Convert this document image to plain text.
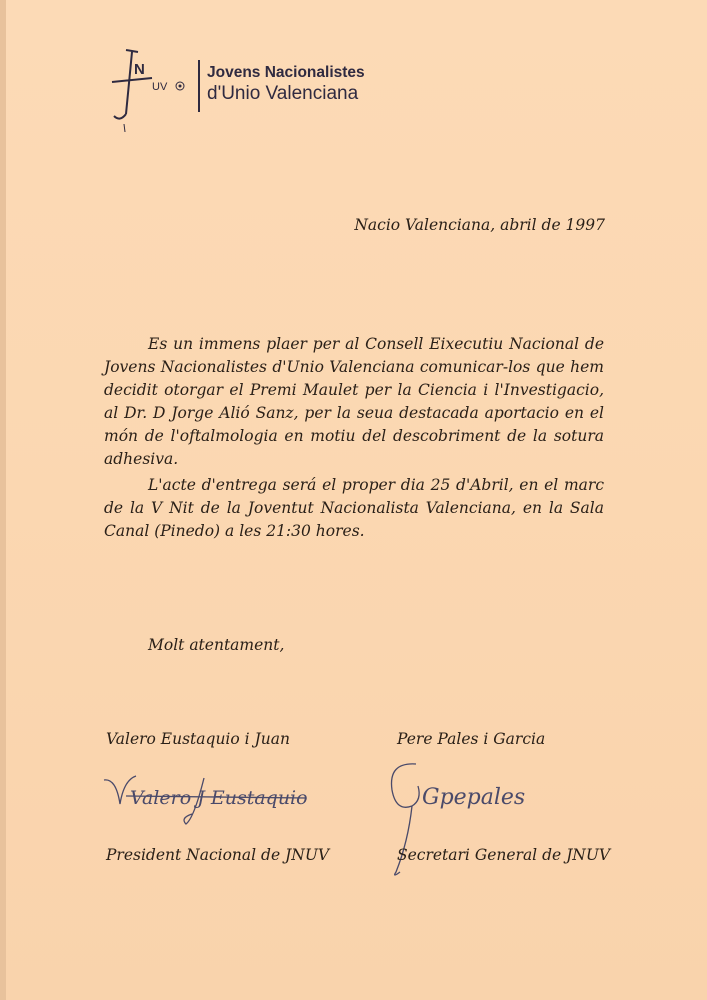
N
UV
Jovens Nacionalistes
d'Unio Valenciana
Nacio Valenciana, abril de 1997

Es un immens plaer per al Consell Eixecutiu Nacional de Jovens Nacionalistes d'Unio Valenciana comunicar-los que hem decidit otorgar el Premi Maulet per la Ciencia i l'Investigacio, al Dr. D Jorge Alió Sanz, per la seua destacada aportacio en el món de l'oftalmologia en motiu del descobriment de la sotura adhesiva.

L'acte d'entrega será el proper dia 25 d'Abril, en el marc de la V Nit de la Joventut Nacionalista Valenciana, en la Sala Canal (Pinedo) a les 21:30 hores.

Molt atentament,
Valero Eustaquio i Juan	Pere Pales i Garcia
Valero J Eustaquio	Gpepales
President Nacional de JNUV	Secretari General de JNUV
